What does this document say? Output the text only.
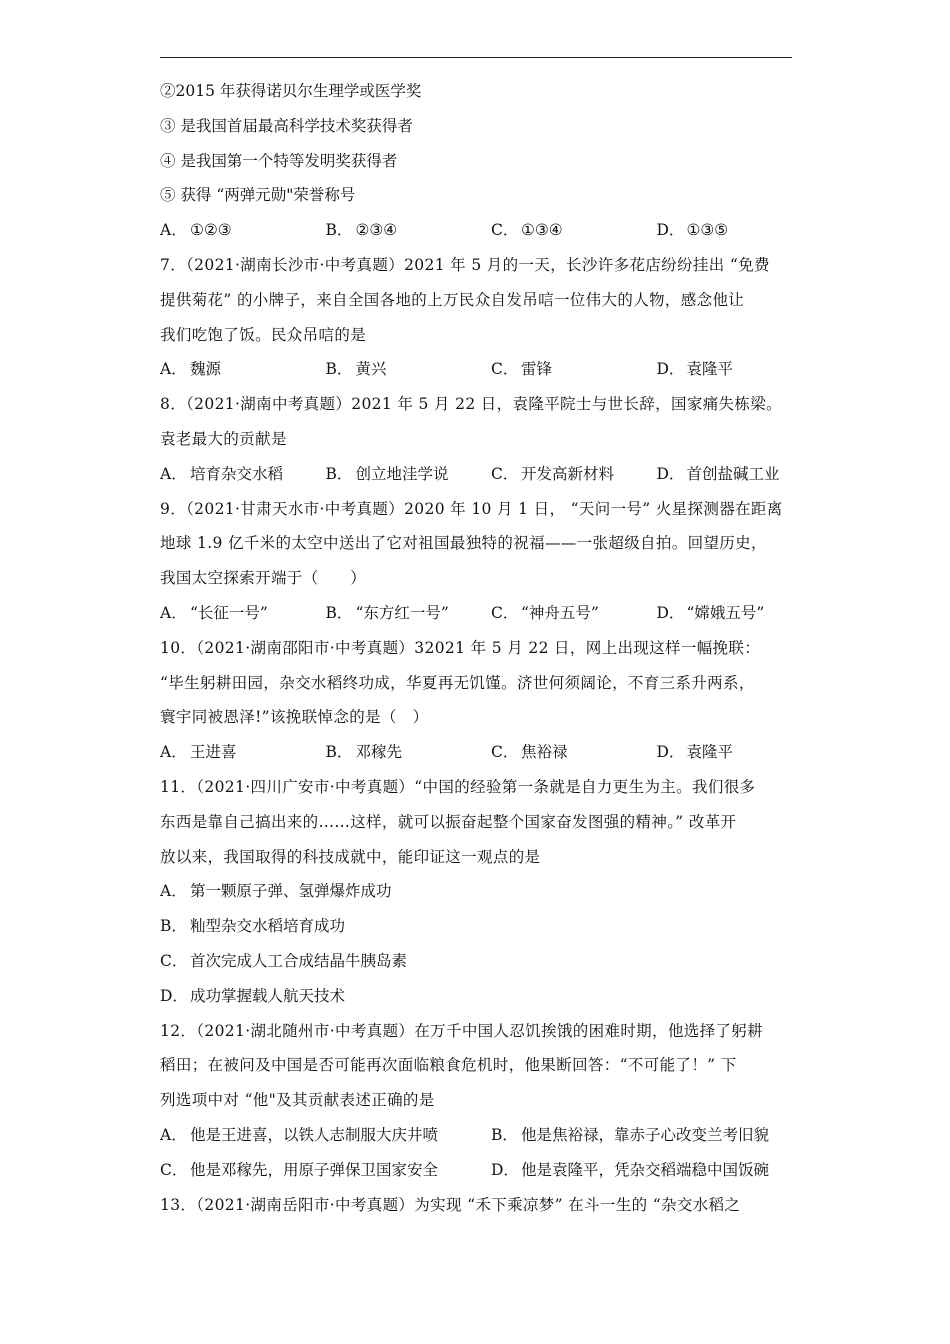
②2015 年获得诺贝尔生理学或医学奖
③ 是我国首届最高科学技术奖获得者
④ 是我国第一个特等发明奖获得者
⑤ 获得 “两弹元勋"荣誉称号
A． ①②③	B． ②③④	C． ①③④	D． ①③⑤
7．（2021·湖南长沙市·中考真题）2021 年 5 月的一天，长沙许多花店纷纷挂出 “免费
提供菊花” 的小牌子，来自全国各地的上万民众自发吊唁一位伟大的人物，感念他让
我们吃饱了饭。民众吊唁的是
A． 魏源	B． 黄兴	C． 雷锋	D． 袁隆平
8．（2021·湖南中考真题）2021 年 5 月 22 日，袁隆平院士与世长辞，国家痛失栋梁。
袁老最大的贡献是
A． 培育杂交水稻	B． 创立地洼学说	C． 开发高新材料	D． 首创盐碱工业
9．（2021·甘肃天水市·中考真题）2020 年 10 月 1 日， “天问一号” 火星探测器在距离
地球 1.9 亿千米的太空中送出了它对祖国最独特的祝福——一张超级自拍。回望历史，
我国太空探索开端于（　　）
A． “长征一号”	B． “东方红一号”	C． “神舟五号”	D． “嫦娥五号”
10．（2021·湖南邵阳市·中考真题）32021 年 5 月 22 日，网上出现这样一幅挽联：
“毕生躬耕田园，杂交水稻终功成，华夏再无饥馑。济世何须阔论，不育三系升两系，
寰宇同被恩泽!”该挽联悼念的是（　）
A． 王进喜	B． 邓稼先	C． 焦裕禄	D． 袁隆平
11．（2021·四川广安市·中考真题）“中国的经验第一条就是自力更生为主。我们很多
东西是靠自己搞出来的……这样，就可以振奋起整个国家奋发图强的精神。” 改革开
放以来，我国取得的科技成就中，能印证这一观点的是
A． 第一颗原子弹、氢弹爆炸成功
B． 籼型杂交水稻培育成功
C． 首次完成人工合成结晶牛胰岛素
D． 成功掌握载人航天技术
12．（2021·湖北随州市·中考真题）在万千中国人忍饥挨饿的困难时期，他选择了躬耕
稻田；在被问及中国是否可能再次面临粮食危机时，他果断回答：“不可能了！” 下
列选项中对 “他"及其贡献表述正确的是
A． 他是王进喜，以铁人志制服大庆井喷	B． 他是焦裕禄，靠赤子心改变兰考旧貌
C． 他是邓稼先，用原子弹保卫国家安全	D． 他是袁隆平，凭杂交稻端稳中国饭碗
13．（2021·湖南岳阳市·中考真题）为实现 “禾下乘凉梦” 在斗一生的 “杂交水稻之
